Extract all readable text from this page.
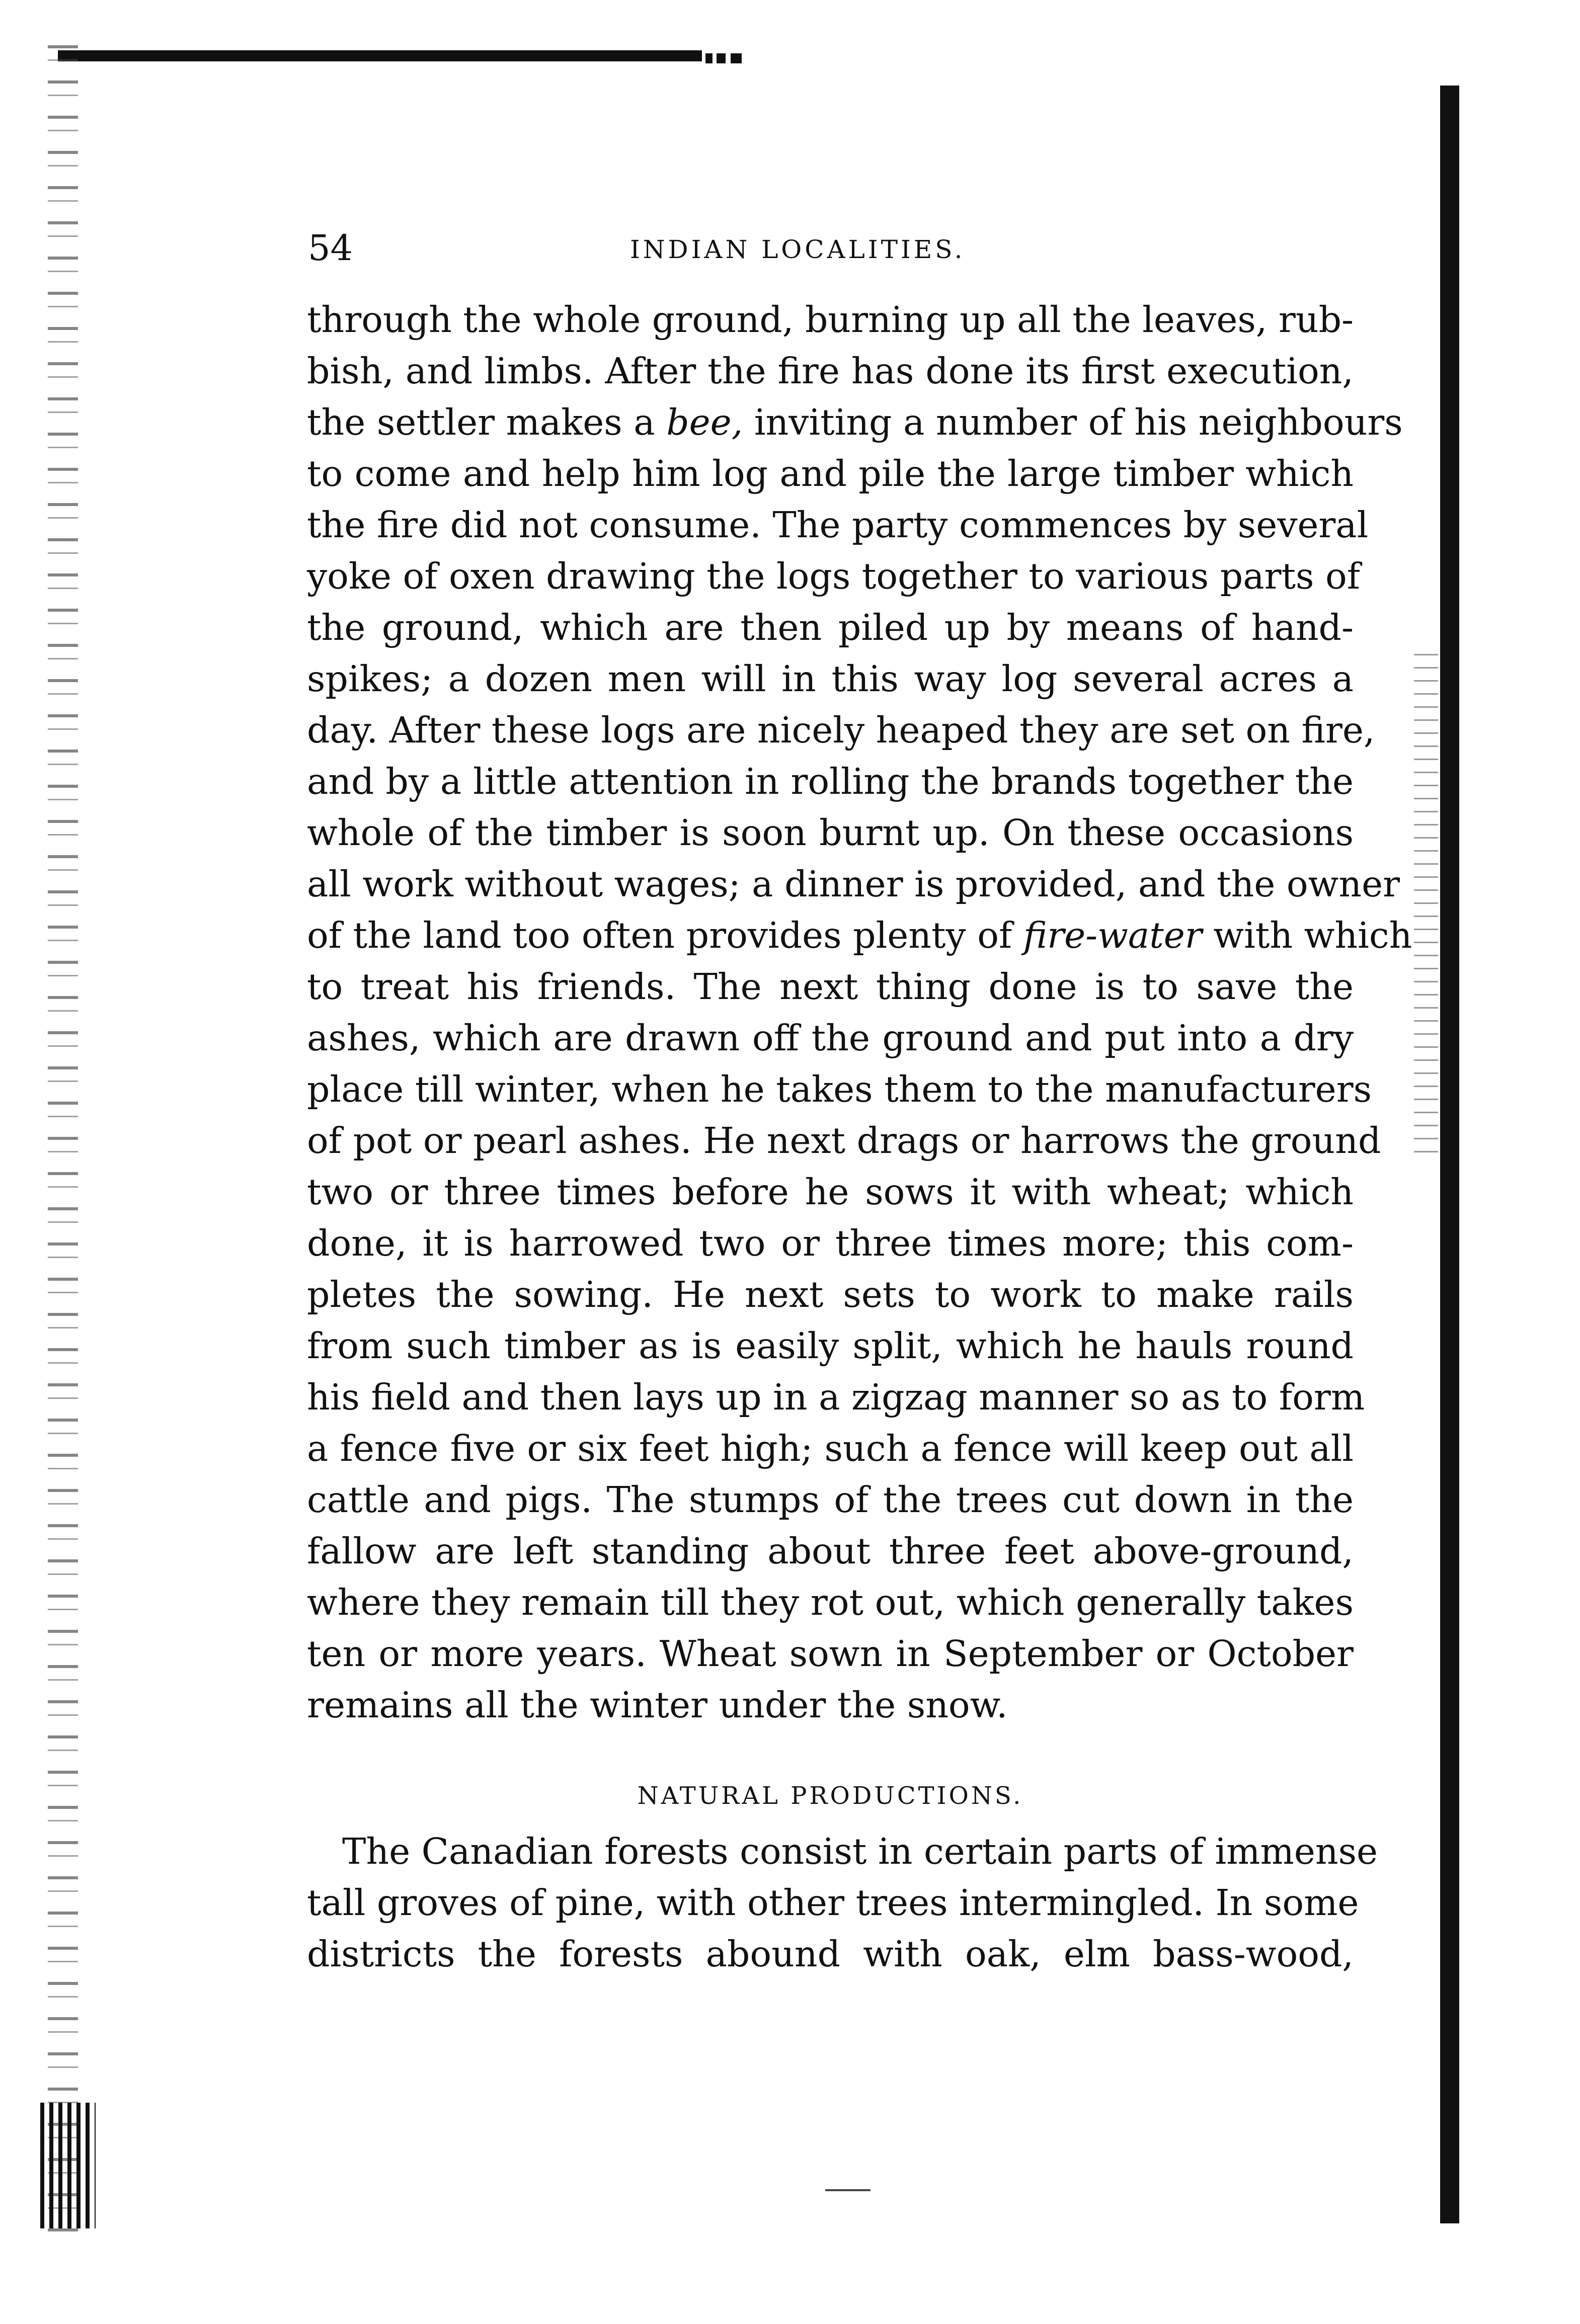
54	INDIAN LOCALITIES.

through the whole ground, burning up all the leaves, rub-
bish, and limbs. After the fire has done its first execution,
the settler makes a bee, inviting a number of his neighbours
to come and help him log and pile the large timber which
the fire did not consume. The party commences by several
yoke of oxen drawing the logs together to various parts of
the ground, which are then piled up by means of hand-
spikes; a dozen men will in this way log several acres a
day. After these logs are nicely heaped they are set on fire,
and by a little attention in rolling the brands together the
whole of the timber is soon burnt up. On these occasions
all work without wages; a dinner is provided, and the owner
of the land too often provides plenty of fire-water with which
to treat his friends. The next thing done is to save the
ashes, which are drawn off the ground and put into a dry
place till winter, when he takes them to the manufacturers
of pot or pearl ashes. He next drags or harrows the ground
two or three times before he sows it with wheat; which
done, it is harrowed two or three times more; this com-
pletes the sowing. He next sets to work to make rails
from such timber as is easily split, which he hauls round
his field and then lays up in a zigzag manner so as to form
a fence five or six feet high; such a fence will keep out all
cattle and pigs. The stumps of the trees cut down in the
fallow are left standing about three feet above-ground,
where they remain till they rot out, which generally takes
ten or more years. Wheat sown in September or October
remains all the winter under the snow.

NATURAL PRODUCTIONS.

The Canadian forests consist in certain parts of immense
tall groves of pine, with other trees intermingled. In some
districts the forests abound with oak, elm bass-wood,
